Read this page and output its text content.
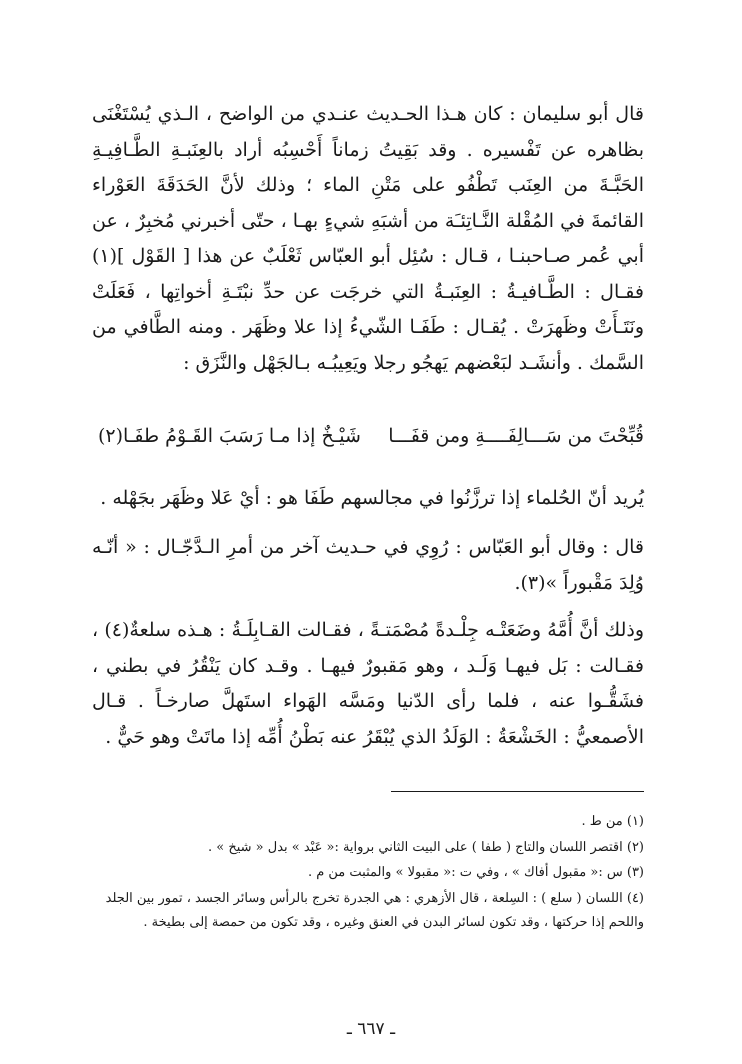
قال أبو سليمان : كان هـذا الحـديث عنـدي من الواضح ، الـذي يُسْتَغْنَى بظاهره عن تَفْسيره . وقد بَقِيتُ زماناً أَحْسِبُه أراد بالعِنَبـةِ الطَّـافِيـةِ الحَبَّـةَ من العِنَب تَطْفُو على مَتْنِ الماء ؛ وذلك لأنَّ الحَدَقَةَ العَوْراء القائمةَ في المُقْلة النَّـاتِئـَة من أشبَهِ شيءٍ بهـا ، حتّى أخبرني مُخبِرٌ ، عن أبي عُمر صـاحبنـا ، قـال : سُئِل أبو العبّاس ثَعْلَبٌ عن هذا [ القَوْل ](١) فقـال : الطَّـافيـةُ : العِنَبـةُ التي خرجَت عن حدِّ نبْتَـةِ أخواتِها ، فَعَلَتْ ونَتَـأَتْ وظَهرَتْ . يُقـال : طَفَـا الشّيءُ إذا علا وظَهَر . ومنه الطَّافي من السَّمك . وأنشَـد لبَعْضهم يَهجُو رجلا ويَعِيبُـه بـالجَهْل والنَّزَق :

قُبِّحْتَ من سَـــالِفَــــةِ ومن قفَـــا
شَيْـخٌ إذا مـا رَسَبَ القَـوْمُ طفَـا(٢)

يُريد أنّ الحُلماء إذا ترزَّنُوا في مجالسهم طَفَا هو : أيْ عَلا وظَهَر بجَهْله .

قال : وقال أبو العَبّاس : رُوِي في حـديث آخر من أمرِ الـدَّجّـال : « أنّـه وُلِدَ مَقْبوراً »(٣).

وذلك أنَّ أُمَّهُ وضَعَتْـه جِلْـدةً مُصْمَتـةً ، فقـالت القـابِلَـةُ : هـذه سلعةٌ(٤) ، فقـالت : بَل فيهـا وَلَـد ، وهو مَقبورٌ فيهـا . وقـد كان يَنْقُرُ في بطني ، فشَقُّـوا عنه ، فلما رأى الدّنيا ومَسَّه الهَواء استَهلَّ صارخـاً . قـال الأصمعيُّ : الخَشْعَةُ : الوَلَدُ الذي يُبْقَرُ عنه بَطْنُ أُمِّه إذا ماتَتْ وهو حَيٌّ .

(١) من ط .

(٢) اقتصر اللسان والتاج ( طفا ) على البيت الثاني برواية :« عَبْد » بدل « شيخ » .

(٣) س :« مقبول أفاك » ، وفي ت :« مقبولا » والمثبت من م .

(٤) اللسان ( سلع ) : السِلعة ، قال الأزهري : هي الجدرة تخرج بالرأس وسائر الجسد ، تمور بين الجلد واللحم إذا حركتها ، وقد تكون لسائر البدن في العنق وغيره ، وقد تكون من حمصة إلى بطيخة .

ـ ٦٦٧ ـ
